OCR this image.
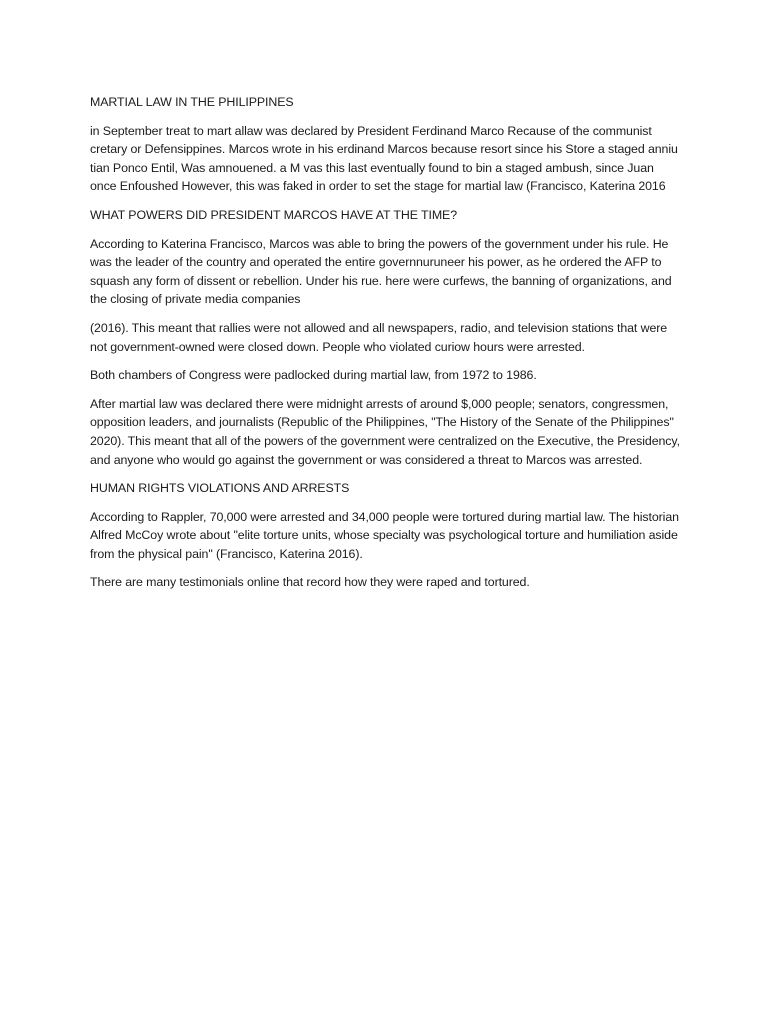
MARTIAL LAW IN THE PHILIPPINES

in September treat to mart allaw was declared by President Ferdinand Marco Recause of the communist cretary or Defensippines. Marcos wrote in his erdinand Marcos because resort since his Store a staged anniu tian Ponco Entil, Was amnouened. a M vas this last eventually found to bin a staged ambush, since Juan once Enfoushed However, this was faked in order to set the stage for martial law (Francisco, Katerina 2016

WHAT POWERS DID PRESIDENT MARCOS HAVE AT THE TIME?

According to Katerina Francisco, Marcos was able to bring the powers of the government under his rule. He was the leader of the country and operated the entire governnuruneer his power, as he ordered the AFP to squash any form of dissent or rebellion. Under his rue. here were curfews, the banning of organizations, and the closing of private media companies

(2016). This meant that rallies were not allowed and all newspapers, radio, and television stations that were not government-owned were closed down. People who violated curiow hours were arrested.

Both chambers of Congress were padlocked during martial law, from 1972 to 1986.

After martial law was declared there were midnight arrests of around $,000 people; senators, congressmen, opposition leaders, and journalists (Republic of the Philippines, "The History of the Senate of the Philippines" 2020). This meant that all of the powers of the government were centralized on the Executive, the Presidency, and anyone who would go against the government or was considered a threat to Marcos was arrested.

HUMAN RIGHTS VIOLATIONS AND ARRESTS

According to Rappler, 70,000 were arrested and 34,000 people were tortured during martial law. The historian Alfred McCoy wrote about "elite torture units, whose specialty was psychological torture and humiliation aside from the physical pain" (Francisco, Katerina 2016).

There are many testimonials online that record how they were raped and tortured.
